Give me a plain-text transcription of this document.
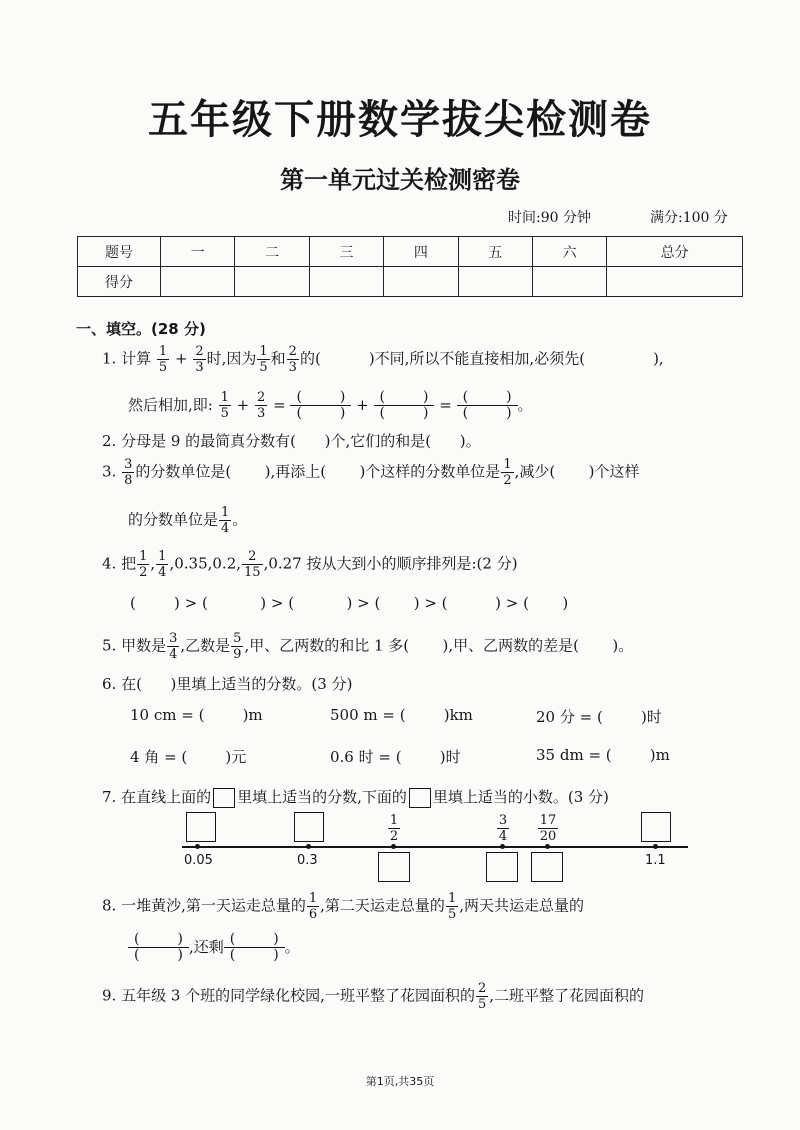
五年级下册数学拔尖检测卷
第一单元过关检测密卷
时间:90 分钟	满分:100 分
题号	一	二	三	四	五	六	总分
得分							
一、填空。(28 分)
1. 计算 $\frac{1}{5} + \frac{2}{3}$ 时,因为 $\frac{1}{5}$ 和 $\frac{2}{3}$ 的(	)不同,所以不能直接相加,必须先(	),
然后相加,即: $\frac{1}{5} + \frac{2}{3}$ = (	)
(	) + (	)
(	) = (	)
(	) 。
2. 分母是 9 的最简真分数有(      )个,它们的和是(      )。
3. $\frac{3}{8}$ 的分数单位是(       ),再添上(       )个这样的分数单位是 $\frac{1}{2}$ ,减少(       )个这样
的分数单位是 $\frac{1}{4}$ 。
4. 把 $\frac{1}{2}$ , $\frac{1}{4} ,0.35,0.2$, $\frac{2}{15} ,0.27$ 按从大到小的顺序排列是:(2 分)
(        ) > (           ) > (           ) > (       ) > (          ) > (       )
5. 甲数是 $\frac{3}{4}$ ,乙数是 $\frac{5}{9}$ ,甲、乙两数的和比 1 多(       ),甲、乙两数的差是(       )。
6. 在(      )里填上适当的分数。(3 分)
10 cm = (        )m	500 m = (        )km	20 分 = (        )时
4 角 = (        )元	0.6 时 = (        )时	35 dm = (        )m
7. 在直线上面的 里填上适当的分数,下面的 里填上适当的小数。(3 分)
$\frac{1}{2}$	$\frac{3}{4} \frac{17}{20}$
0.05	0.3	1.1
8. 一堆黄沙,第一天运走总量的 $\frac{1}{6}$ ,第二天运走总量的 $\frac{1}{5}$ ,两天共运走总量的
(	)
(	) ,还剩 (	)
(	) 。
9. 五年级 3 个班的同学绿化校园,一班平整了花园面积的 $\frac{2}{5}$ ,二班平整了花园面积的
第1页,共35页
